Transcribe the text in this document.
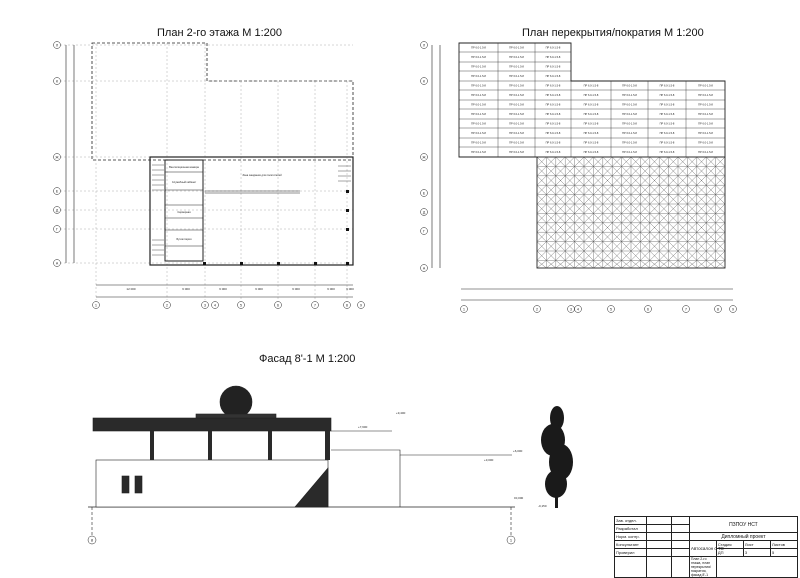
План 2-го этажа М 1:200	План перекрытия/пократия М 1:200
Фасад 8'-1 М 1:200
1	2	3 4	5	6	7	8	9
Л
К
Ж
Е
Д
Г
А
12 000	6 000	6 000	6 000	6 000	6 000	6 000
Вентиляционная камера
Служебный кабинет
Серверная
Бухгалтерия
Зона ожидания для посетителей
ПР 6.0-1.5-8	ПР 6.0-1.5-8	ПР 6.0-1.5-8
ПР 6.0-1.5-8	ПР 6.0-1.5-8	ПР 6.0-1.5-8
ПР 6.0-1.5-8	ПР 6.0-1.5-8	ПР 6.0-1.5-8
ПР 6.0-1.5-8	ПР 6.0-1.5-8	ПР 6.0-1.5-8
ПР 6.0-1.5-8	ПР 6.0-1.5-8	ПР 6.0-1.5-8	ПР 6.0-1.5-8	ПР 6.0-1.5-8	ПР 6.0-1.5-8	ПР 6.0-1.5-8
ПР 6.0-1.5-8	ПР 6.0-1.5-8	ПР 6.0-1.5-8	ПР 6.0-1.5-8	ПР 6.0-1.5-8	ПР 6.0-1.5-8	ПР 6.0-1.5-8
ПР 6.0-1.5-8	ПР 6.0-1.5-8	ПР 6.0-1.5-8	ПР 6.0-1.5-8	ПР 6.0-1.5-8	ПР 6.0-1.5-8	ПР 6.0-1.5-8
ПР 6.0-1.5-8	ПР 6.0-1.5-8	ПР 6.0-1.5-8	ПР 6.0-1.5-8	ПР 6.0-1.5-8	ПР 6.0-1.5-8	ПР 6.0-1.5-8
ПР 6.0-1.5-8	ПР 6.0-1.5-8	ПР 6.0-1.5-8	ПР 6.0-1.5-8	ПР 6.0-1.5-8	ПР 6.0-1.5-8	ПР 6.0-1.5-8
ПР 6.0-1.5-8	ПР 6.0-1.5-8	ПР 6.0-1.5-8	ПР 6.0-1.5-8	ПР 6.0-1.5-8	ПР 6.0-1.5-8	ПР 6.0-1.5-8
ПР 6.0-1.5-8	ПР 6.0-1.5-8	ПР 6.0-1.5-8	ПР 6.0-1.5-8	ПР 6.0-1.5-8	ПР 6.0-1.5-8	ПР 6.0-1.5-8
ПР 6.0-1.5-8	ПР 6.0-1.5-8	ПР 6.0-1.5-8	ПР 6.0-1.5-8	ПР 6.0-1.5-8	ПР 6.0-1.5-8	ПР 6.0-1.5-8
1	2	3 4	5	6	7	8	9
Л
К
Ж
Е
Д
Г
А
+9,400
+7,600
+6,000
+3,000
±0,000
-0,150
8	1
Зав. отдел.			ПЗПОУ НСТ			
Разработал						
Норм. контр.			Дипломный проект			
Консультант			Автосалон с ТО	Стадия	Лист	Листов
Проверил				ДП	3	5
			План 2-го этажа, план перекрытия/пократия, фасад 8'-1			
